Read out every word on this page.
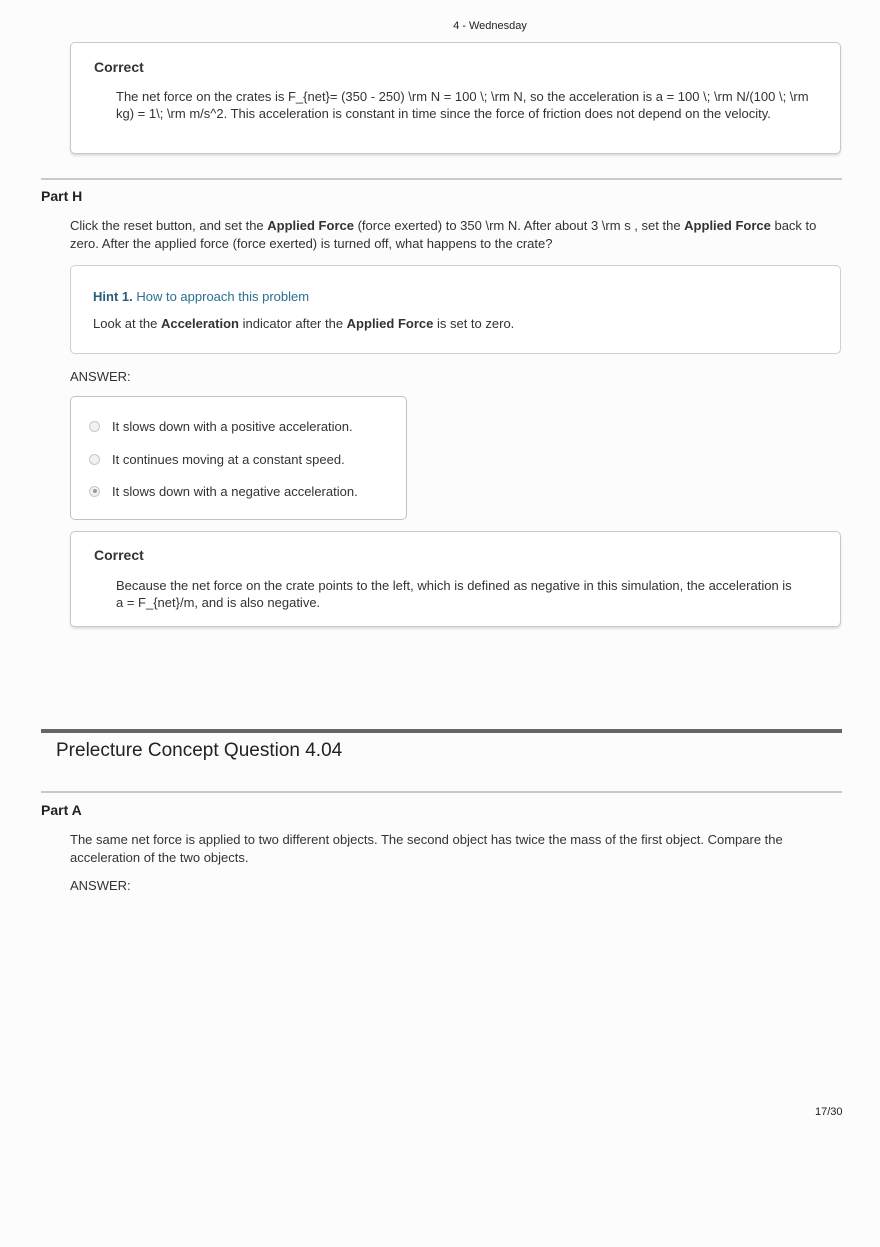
4 - Wednesday
Correct
The net force on the crates is F_{net}= (350 - 250) \rm N = 100 \; \rm N, so the acceleration is a = 100 \; \rm N/(100 \; \rm kg) = 1\; \rm m/s^2. This acceleration is constant in time since the force of friction does not depend on the velocity.
Part H
Click the reset button, and set the Applied Force (force exerted) to 350 \rm N. After about 3 \rm s , set the Applied Force back to zero. After the applied force (force exerted) is turned off, what happens to the crate?
Hint 1. How to approach this problem
Look at the Acceleration indicator after the Applied Force is set to zero.
ANSWER:
It slows down with a positive acceleration.
It continues moving at a constant speed.
It slows down with a negative acceleration.
Correct
Because the net force on the crate points to the left, which is defined as negative in this simulation, the acceleration is a = F_{net}/m, and is also negative.
Prelecture Concept Question 4.04
Part A
The same net force is applied to two different objects. The second object has twice the mass of the first object. Compare the acceleration of the two objects.
ANSWER:
17/30
